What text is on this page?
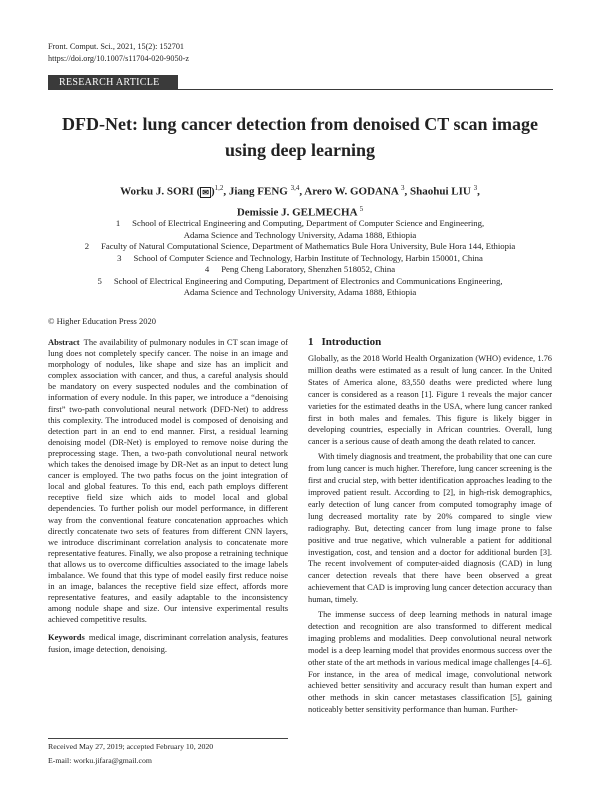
Front. Comput. Sci., 2021, 15(2): 152701
https://doi.org/10.1007/s11704-020-9050-z
RESEARCH ARTICLE
DFD-Net: lung cancer detection from denoised CT scan image
using deep learning
Worku J. SORI ( ✉ )$^{1,2}$, Jiang FENG $^{3,4}$, Arero W. GODANA $^3$, Shaohui LIU $^3$,
Demissie J. GELMECHA $^5$
1 School of Electrical Engineering and Computing, Department of Computer Science and Engineering,
Adama Science and Technology University, Adama 1888, Ethiopia
2 Faculty of Natural Computational Science, Department of Mathematics Bule Hora University, Bule Hora 144, Ethiopia
3 School of Computer Science and Technology, Harbin Institute of Technology, Harbin 150001, China
4 Peng Cheng Laboratory, Shenzhen 518052, China
5 School of Electrical Engineering and Computing, Department of Electronics and Communications Engineering,
Adama Science and Technology University, Adama 1888, Ethiopia
© Higher Education Press 2020

Abstract The availability of pulmonary nodules in CT scan image of lung does not completely specify cancer. The noise in an image and morphology of nodules, like shape and size has an implicit and complex association with cancer, and thus, a careful analysis should be mandatory on every suspected nodules and the combination of information of every nodule. In this paper, we introduce a “denoising first” two-path convolutional neural network (DFD-Net) to address this complexity. The introduced model is composed of denoising and detection part in an end to end manner. First, a residual learning denoising model (DR-Net) is employed to remove noise during the preprocessing stage. Then, a two-path convolutional neural network which takes the denoised image by DR-Net as an input to detect lung cancer is employed. The two paths focus on the joint integration of local and global features. To this end, each path employs different receptive field size which aids to model local and global dependencies. To further polish our model performance, in different way from the conventional feature concatenation approaches which directly concatenate two sets of features from different CNN layers, we introduce discriminant correlation analysis to concatenate more representative features. Finally, we also propose a retraining technique that allows us to overcome difficulties associated to the image labels imbalance. We found that this type of model easily first reduce noise in an image, balances the receptive field size effect, affords more representative features, and easily adaptable to the inconsistency among nodule shape and size. Our intensive experimental results achieved competitive results.

Keywords medical image, discriminant correlation analysis, features fusion, image detection, denoising.

1 Introduction

Globally, as the 2018 World Health Organization (WHO) evidence, 1.76 million deaths were estimated as a result of lung cancer. In the United States of America alone, 83,550 deaths were predicted where lung cancer is considered as a reason [1]. Figure 1 reveals the major cancer varieties for the estimated deaths in the USA, where lung cancer ranked first in both males and females. This figure is likely bigger in developing countries, especially in African countries. Overall, lung cancer is a serious cause of death among the death related to cancer.

With timely diagnosis and treatment, the probability that one can cure from lung cancer is much higher. Therefore, lung cancer screening is the first and crucial step, with better identification approaches leading to the improved patient result. According to [2], in high-risk demographics, early detection of lung cancer from computed tomography image of lung decreased mortality rate by 20% compared to single view radiography. But, detecting cancer from lung image prone to false positive and true negative, which vulnerable a patient for additional investigation, cost, and tension and a doctor for additional burden [3]. The recent involvement of computer-aided diagnosis (CAD) in lung cancer detection reveals that there have been observed a great achievement that CAD is improving lung cancer detection accuracy than human, timely.

The immense success of deep learning methods in natural image detection and recognition are also transformed to different medical imaging problems and modalities. Deep convolutional neural network model is a deep learning model that provides enormous success over the other state of the art methods in various medical image challenges [4–6]. For instance, in the area of medical image, convolutional network achieved better sensitivity and accuracy result than human expert and other methods in skin cancer metastases classification [5], gaining noticeably better sensitivity performance than human. Further-

Received May 27, 2019; accepted February 10, 2020
E-mail: worku.jifara@gmail.com
